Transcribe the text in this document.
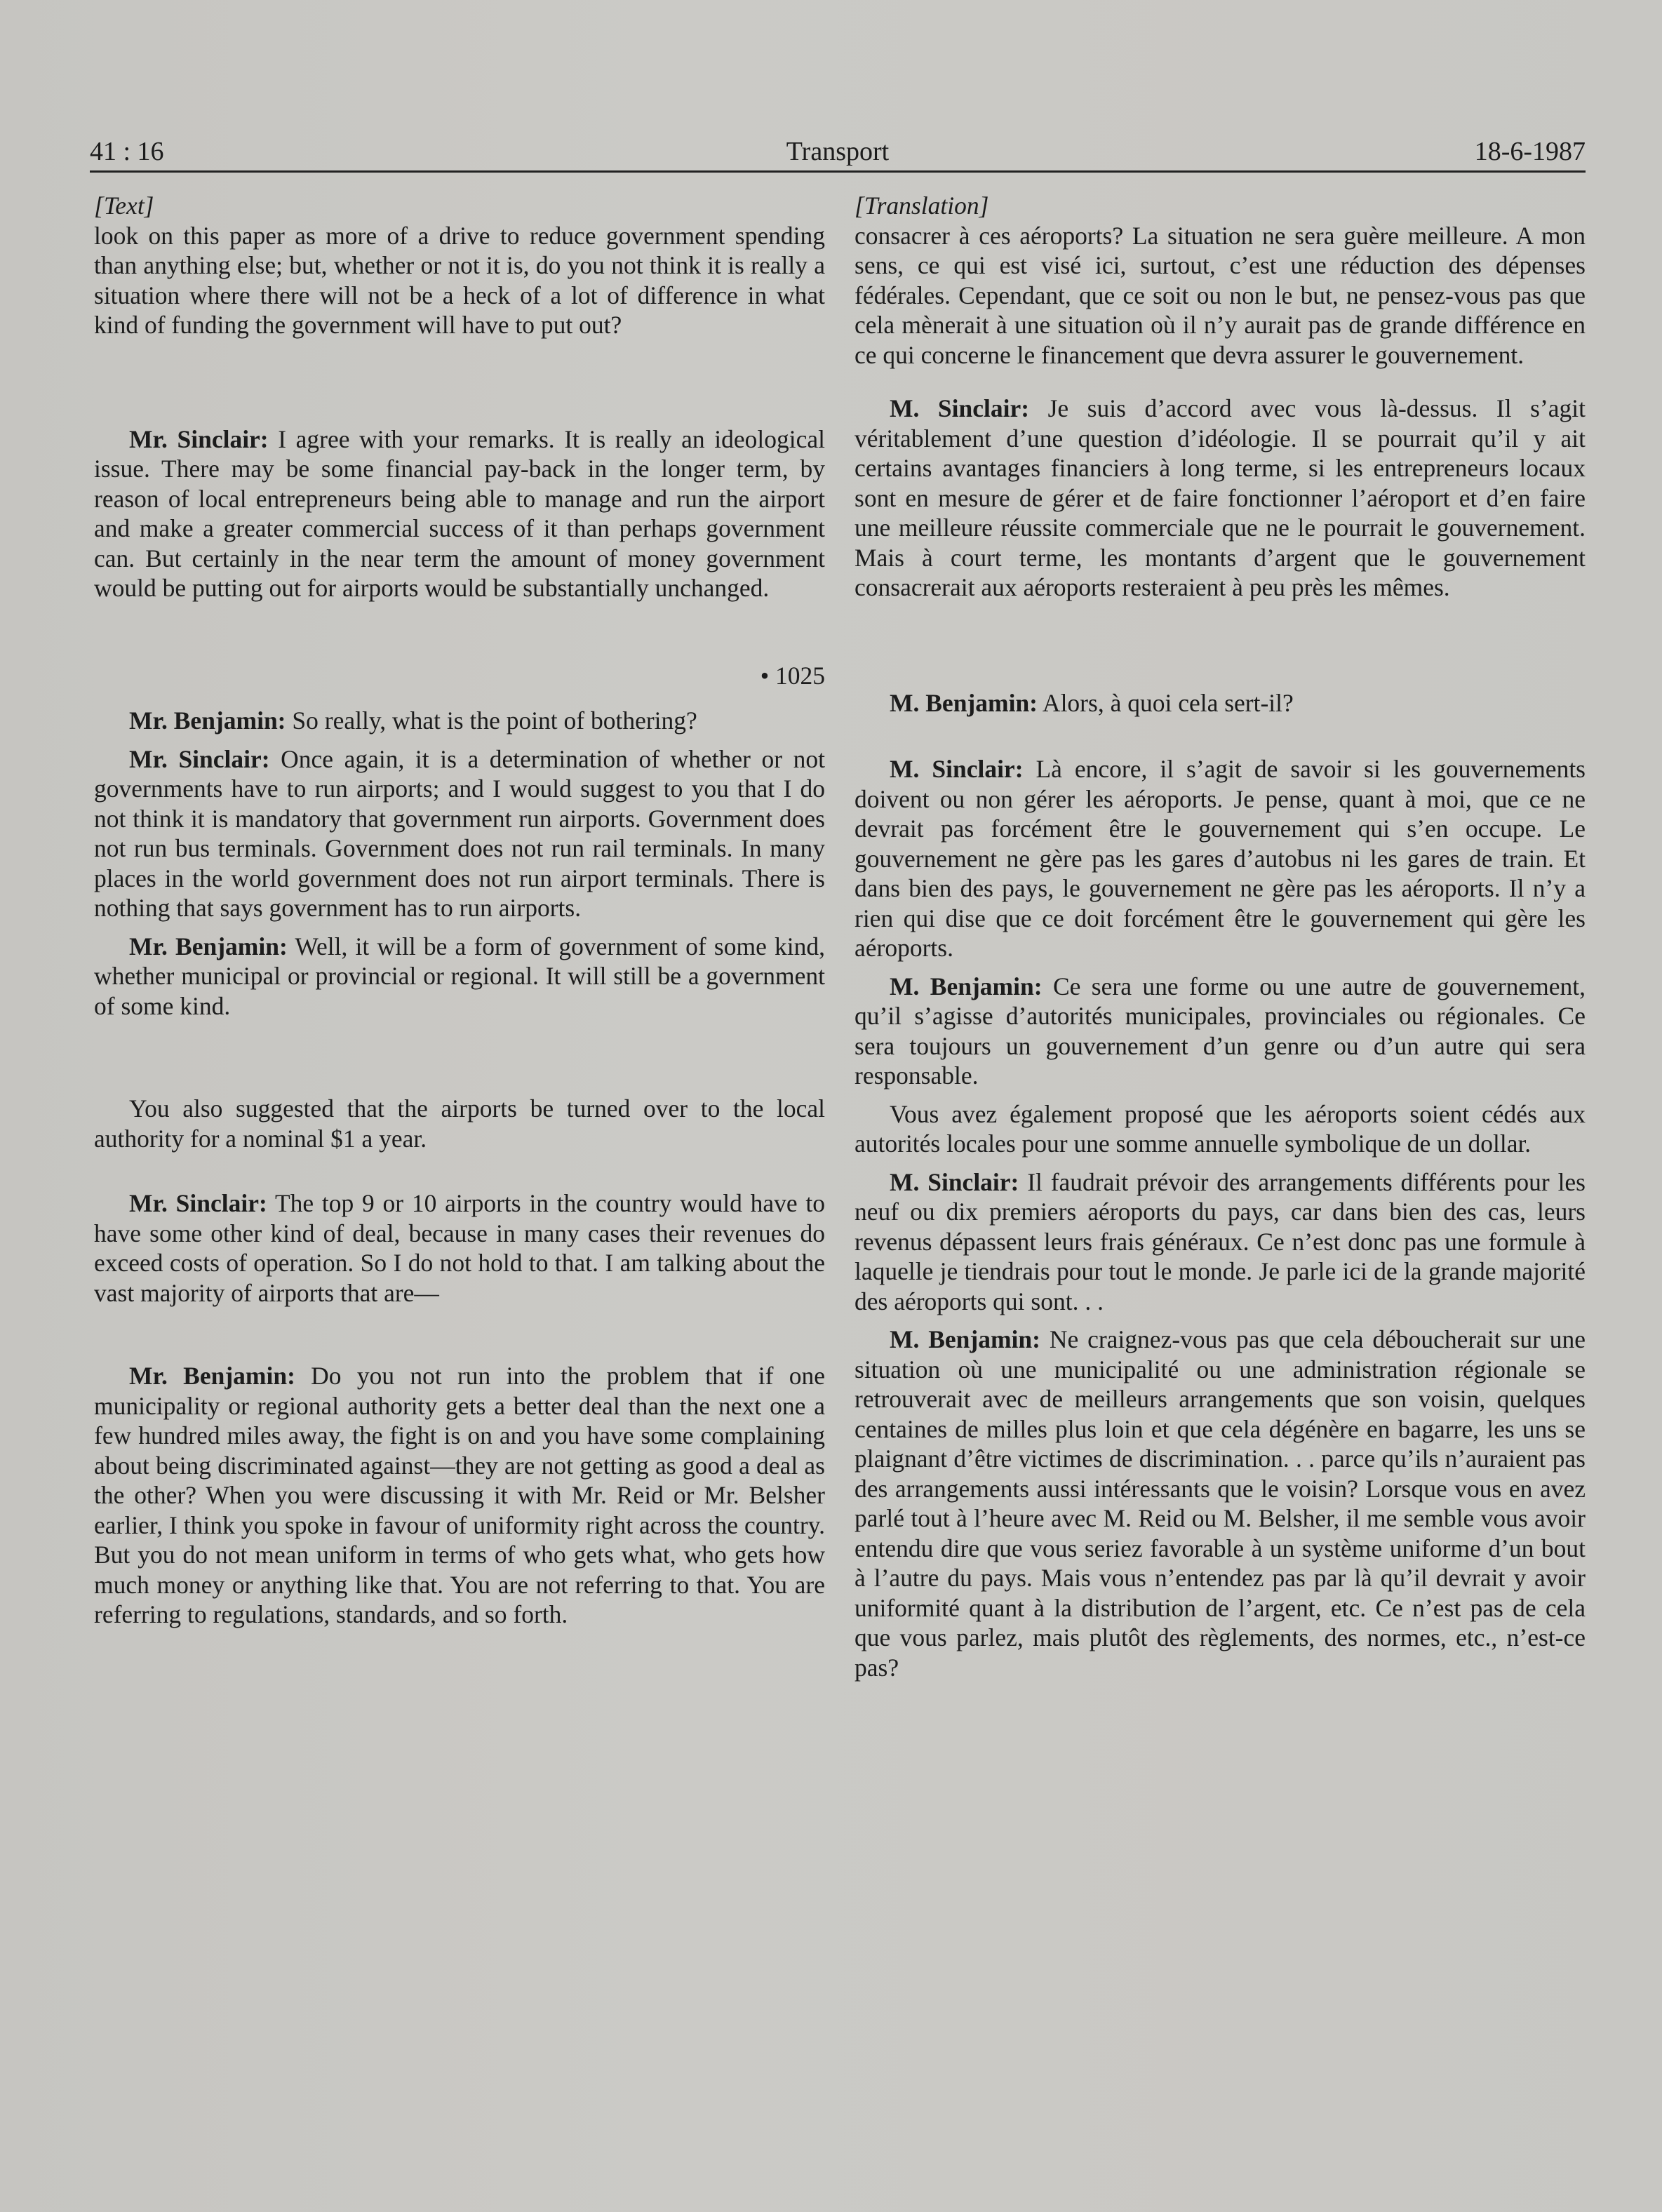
41 : 16	Transport	18-6-1987

[Text]

look on this paper as more of a drive to reduce government spending than anything else; but, whether or not it is, do you not think it is really a situation where there will not be a heck of a lot of difference in what kind of funding the government will have to put out?

Mr. Sinclair: I agree with your remarks. It is really an ideological issue. There may be some financial pay-back in the longer term, by reason of local entrepreneurs being able to manage and run the airport and make a greater commercial success of it than perhaps government can. But certainly in the near term the amount of money government would be putting out for airports would be substantially unchanged.

• 1025

Mr. Benjamin: So really, what is the point of bothering?

Mr. Sinclair: Once again, it is a determination of whether or not governments have to run airports; and I would suggest to you that I do not think it is mandatory that government run airports. Government does not run bus terminals. Government does not run rail terminals. In many places in the world government does not run airport terminals. There is nothing that says government has to run airports.

Mr. Benjamin: Well, it will be a form of government of some kind, whether municipal or provincial or regional. It will still be a government of some kind.

You also suggested that the airports be turned over to the local authority for a nominal $1 a year.

Mr. Sinclair: The top 9 or 10 airports in the country would have to have some other kind of deal, because in many cases their revenues do exceed costs of operation. So I do not hold to that. I am talking about the vast majority of airports that are—

Mr. Benjamin: Do you not run into the problem that if one municipality or regional authority gets a better deal than the next one a few hundred miles away, the fight is on and you have some complaining about being discriminated against—they are not getting as good a deal as the other? When you were discussing it with Mr. Reid or Mr. Belsher earlier, I think you spoke in favour of uniformity right across the country. But you do not mean uniform in terms of who gets what, who gets how much money or anything like that. You are not referring to that. You are referring to regulations, standards, and so forth.

[Translation]

consacrer à ces aéroports? La situation ne sera guère meilleure. A mon sens, ce qui est visé ici, surtout, c’est une réduction des dépenses fédérales. Cependant, que ce soit ou non le but, ne pensez-vous pas que cela mènerait à une situation où il n’y aurait pas de grande différence en ce qui concerne le financement que devra assurer le gouvernement.

M. Sinclair: Je suis d’accord avec vous là-dessus. Il s’agit véritablement d’une question d’idéologie. Il se pourrait qu’il y ait certains avantages financiers à long terme, si les entrepreneurs locaux sont en mesure de gérer et de faire fonctionner l’aéroport et d’en faire une meilleure réussite commerciale que ne le pourrait le gouvernement. Mais à court terme, les montants d’argent que le gouvernement consacrerait aux aéroports resteraient à peu près les mêmes.

M. Benjamin: Alors, à quoi cela sert-il?

M. Sinclair: Là encore, il s’agit de savoir si les gouvernements doivent ou non gérer les aéroports. Je pense, quant à moi, que ce ne devrait pas forcément être le gouvernement qui s’en occupe. Le gouvernement ne gère pas les gares d’autobus ni les gares de train. Et dans bien des pays, le gouvernement ne gère pas les aéroports. Il n’y a rien qui dise que ce doit forcément être le gouvernement qui gère les aéroports.

M. Benjamin: Ce sera une forme ou une autre de gouvernement, qu’il s’agisse d’autorités municipales, provinciales ou régionales. Ce sera toujours un gouvernement d’un genre ou d’un autre qui sera responsable.

Vous avez également proposé que les aéroports soient cédés aux autorités locales pour une somme annuelle symbolique de un dollar.

M. Sinclair: Il faudrait prévoir des arrangements différents pour les neuf ou dix premiers aéroports du pays, car dans bien des cas, leurs revenus dépassent leurs frais généraux. Ce n’est donc pas une formule à laquelle je tiendrais pour tout le monde. Je parle ici de la grande majorité des aéroports qui sont. . .

M. Benjamin: Ne craignez-vous pas que cela déboucherait sur une situation où une municipalité ou une administration régionale se retrouverait avec de meilleurs arrangements que son voisin, quelques centaines de milles plus loin et que cela dégénère en bagarre, les uns se plaignant d’être victimes de discrimination. . . parce qu’ils n’auraient pas des arrangements aussi intéressants que le voisin? Lorsque vous en avez parlé tout à l’heure avec M. Reid ou M. Belsher, il me semble vous avoir entendu dire que vous seriez favorable à un système uniforme d’un bout à l’autre du pays. Mais vous n’entendez pas par là qu’il devrait y avoir uniformité quant à la distribution de l’argent, etc. Ce n’est pas de cela que vous parlez, mais plutôt des règlements, des normes, etc., n’est-ce pas?
